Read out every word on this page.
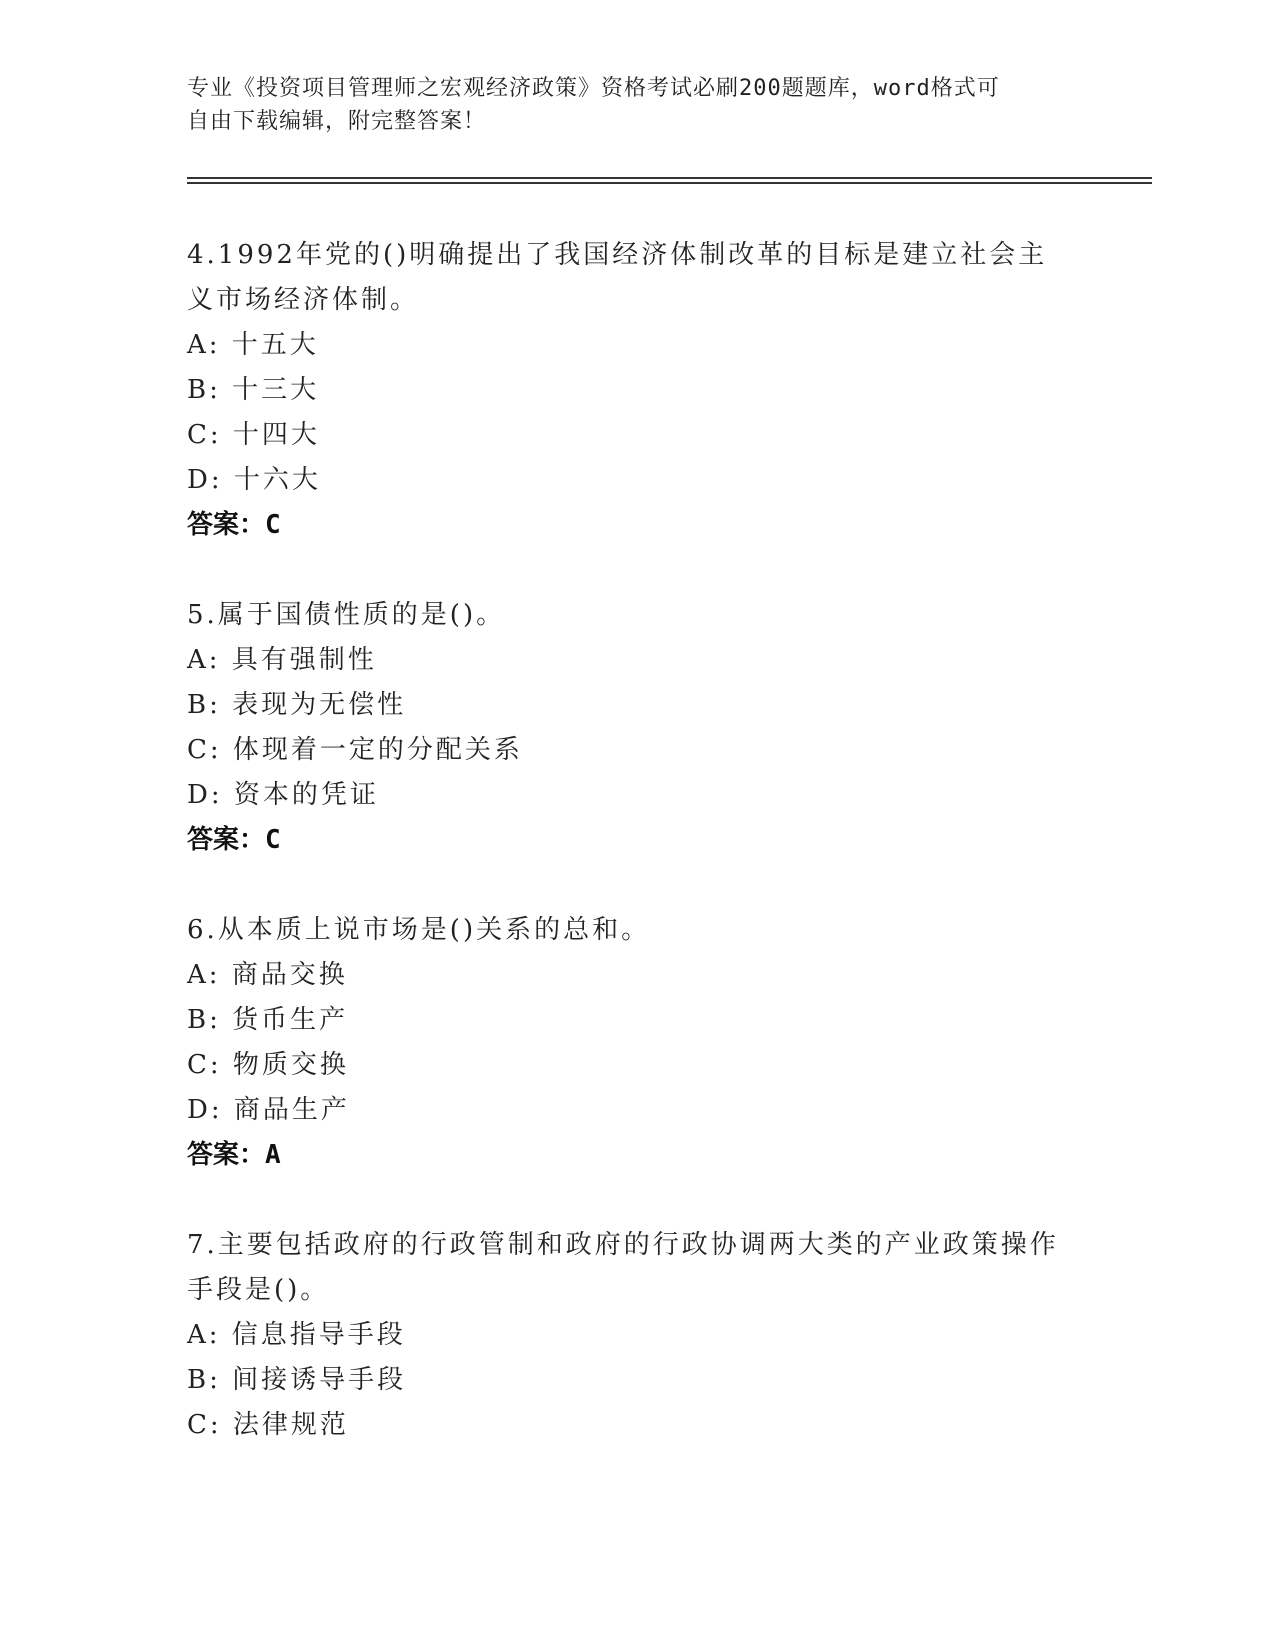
专业《投资项目管理师之宏观经济政策》资格考试必刷200题题库，word格式可
自由下载编辑，附完整答案！

4.1992年党的()明确提出了我国经济体制改革的目标是建立社会主义市场经济体制。

A: 十五大

B: 十三大

C: 十四大

D: 十六大

答案：C

5.属于国债性质的是()。

A: 具有强制性

B: 表现为无偿性

C: 体现着一定的分配关系

D: 资本的凭证

答案：C

6.从本质上说市场是()关系的总和。

A: 商品交换

B: 货币生产

C: 物质交换

D: 商品生产

答案：A

7.主要包括政府的行政管制和政府的行政协调两大类的产业政策操作手段是()。

A: 信息指导手段

B: 间接诱导手段

C: 法律规范
